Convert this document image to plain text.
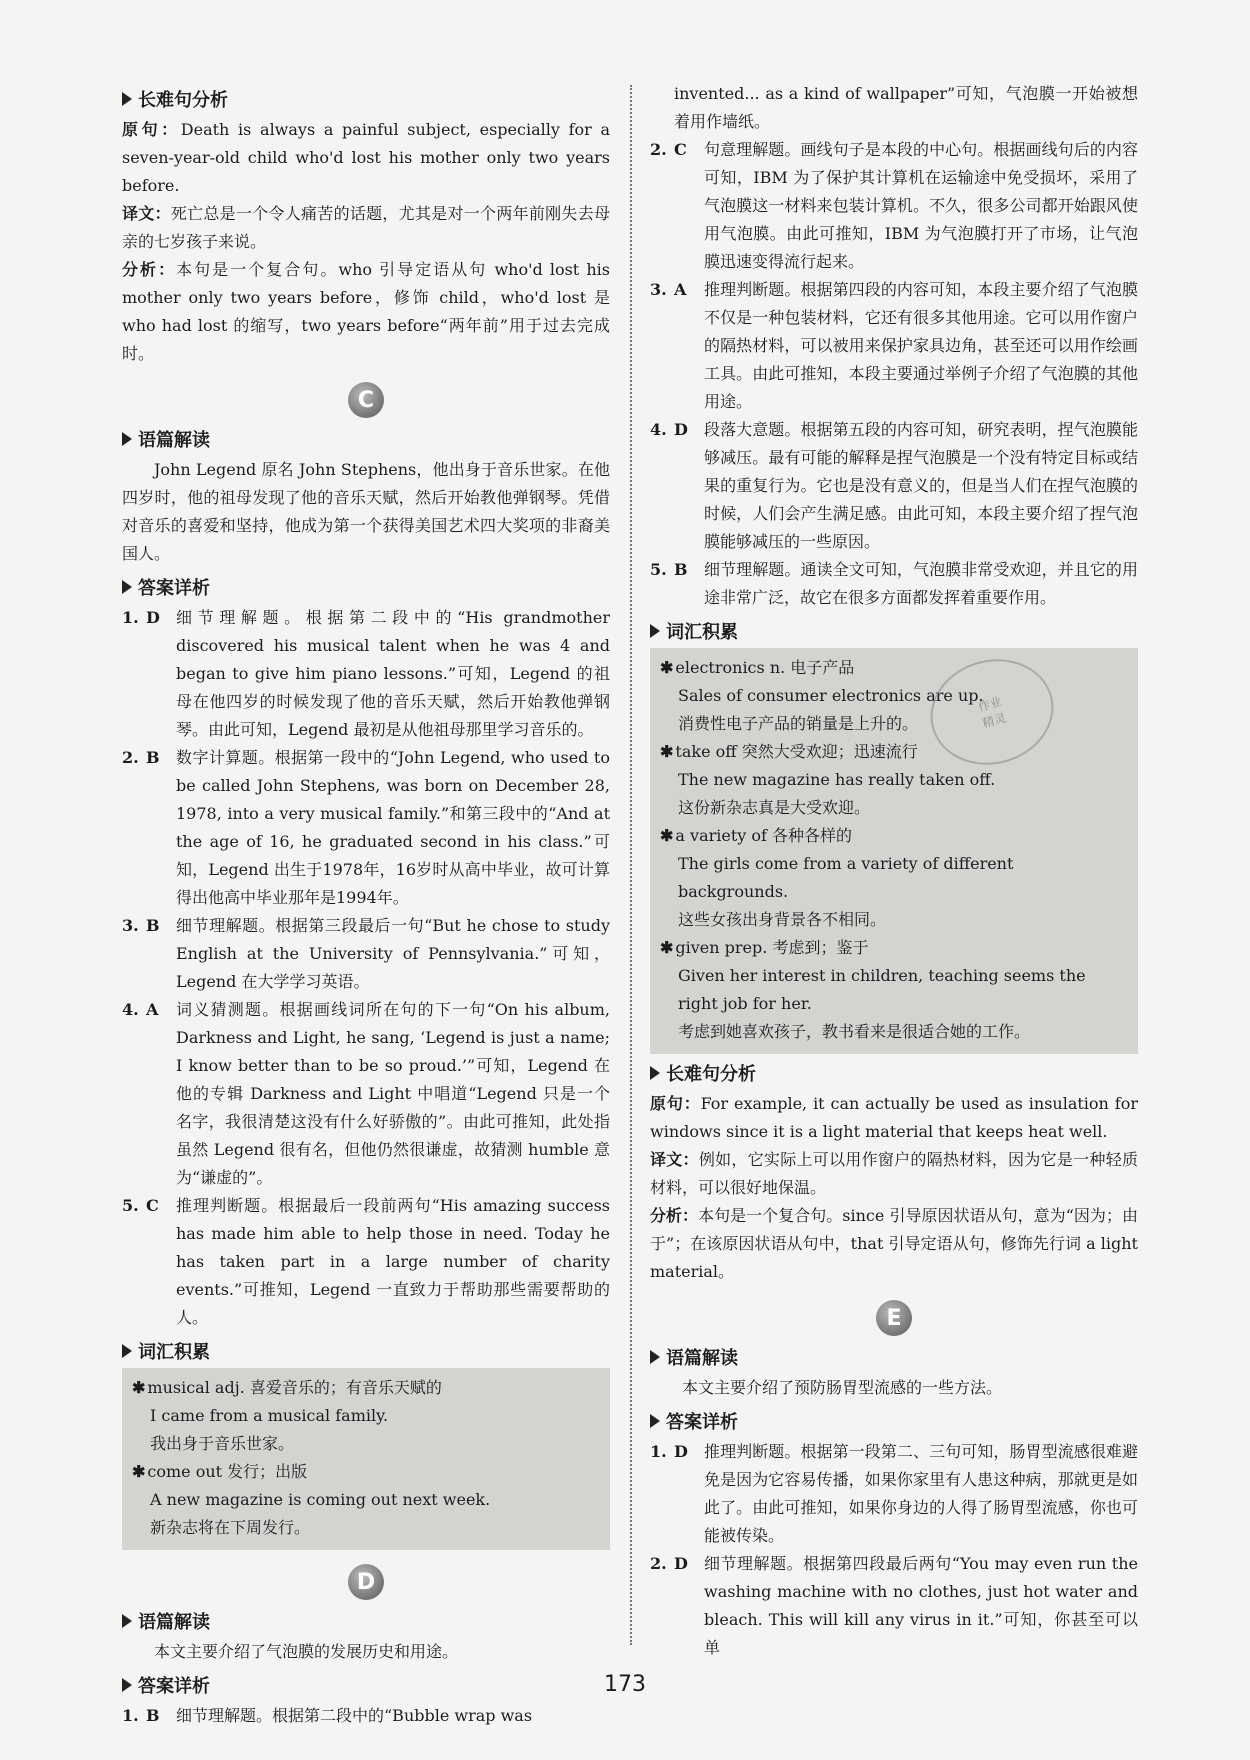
长难句分析

原句：Death is always a painful subject, especially for a seven-year-old child who'd lost his mother only two years before.

译文：死亡总是一个令人痛苦的话题，尤其是对一个两年前刚失去母亲的七岁孩子来说。

分析：本句是一个复合句。who 引导定语从句 who'd lost his mother only two years before，修饰 child，who'd lost 是 who had lost 的缩写，two years before“两年前”用于过去完成时。

C
语篇解读

John Legend 原名 John Stephens，他出身于音乐世家。在他四岁时，他的祖母发现了他的音乐天赋，然后开始教他弹钢琴。凭借对音乐的喜爱和坚持，他成为第一个获得美国艺术四大奖项的非裔美国人。

答案详析
1. D	细节理解题。根据第二段中的“His grandmother discovered his musical talent when he was 4 and began to give him piano lessons.”可知，Legend 的祖母在他四岁的时候发现了他的音乐天赋，然后开始教他弹钢琴。由此可知，Legend 最初是从他祖母那里学习音乐的。
2. B	数字计算题。根据第一段中的“John Legend, who used to be called John Stephens, was born on December 28, 1978, into a very musical family.”和第三段中的“And at the age of 16, he graduated second in his class.”可知，Legend 出生于1978年，16岁时从高中毕业，故可计算得出他高中毕业那年是1994年。
3. B	细节理解题。根据第三段最后一句“But he chose to study English at the University of Pennsylvania.”可知，Legend 在大学学习英语。
4. A	词义猜测题。根据画线词所在句的下一句“On his album, Darkness and Light, he sang, ‘Legend is just a name; I know better than to be so proud.’”可知，Legend 在他的专辑 Darkness and Light 中唱道“Legend 只是一个名字，我很清楚这没有什么好骄傲的”。由此可推知，此处指虽然 Legend 很有名，但他仍然很谦虚，故猜测 humble 意为“谦虚的”。
5. C	推理判断题。根据最后一段前两句“His amazing success has made him able to help those in need. Today he has taken part in a large number of charity events.”可推知，Legend 一直致力于帮助那些需要帮助的人。
词汇积累
✱ musical adj. 喜爱音乐的；有音乐天赋的
I came from a musical family.
我出身于音乐世家。
✱ come out 发行；出版
A new magazine is coming out next week.
新杂志将在下周发行。
D
语篇解读

本文主要介绍了气泡膜的发展历史和用途。

答案详析
1. B	细节理解题。根据第二段中的“Bubble wrap was
invented... as a kind of wallpaper”可知，气泡膜一开始被想着用作墙纸。
2. C	句意理解题。画线句子是本段的中心句。根据画线句后的内容可知，IBM 为了保护其计算机在运输途中免受损坏，采用了气泡膜这一材料来包装计算机。不久，很多公司都开始跟风使用气泡膜。由此可推知，IBM 为气泡膜打开了市场，让气泡膜迅速变得流行起来。
3. A	推理判断题。根据第四段的内容可知，本段主要介绍了气泡膜不仅是一种包装材料，它还有很多其他用途。它可以用作窗户的隔热材料，可以被用来保护家具边角，甚至还可以用作绘画工具。由此可推知，本段主要通过举例子介绍了气泡膜的其他用途。
4. D	段落大意题。根据第五段的内容可知，研究表明，捏气泡膜能够减压。最有可能的解释是捏气泡膜是一个没有特定目标或结果的重复行为。它也是没有意义的，但是当人们在捏气泡膜的时候，人们会产生满足感。由此可知，本段主要介绍了捏气泡膜能够减压的一些原因。
5. B	细节理解题。通读全文可知，气泡膜非常受欢迎，并且它的用途非常广泛，故它在很多方面都发挥着重要作用。
词汇积累
✱ electronics n. 电子产品
Sales of consumer electronics are up.
消费性电子产品的销量是上升的。
✱ take off 突然大受欢迎；迅速流行
The new magazine has really taken off.
这份新杂志真是大受欢迎。
✱ a variety of 各种各样的
The girls come from a variety of different backgrounds.
这些女孩出身背景各不相同。
✱ given prep. 考虑到；鉴于
Given her interest in children, teaching seems the right job for her.
考虑到她喜欢孩子，教书看来是很适合她的工作。
长难句分析

原句：For example, it can actually be used as insulation for windows since it is a light material that keeps heat well.

译文：例如，它实际上可以用作窗户的隔热材料，因为它是一种轻质材料，可以很好地保温。

分析：本句是一个复合句。since 引导原因状语从句，意为“因为；由于”；在该原因状语从句中，that 引导定语从句，修饰先行词 a light material。

E
语篇解读

本文主要介绍了预防肠胃型流感的一些方法。

答案详析
1. D	推理判断题。根据第一段第二、三句可知，肠胃型流感很难避免是因为它容易传播，如果你家里有人患这种病，那就更是如此了。由此可推知，如果你身边的人得了肠胃型流感，你也可能被传染。
2. D	细节理解题。根据第四段最后两句“You may even run the washing machine with no clothes, just hot water and bleach. This will kill any virus in it.”可知，你甚至可以单
作业
精灵
173
